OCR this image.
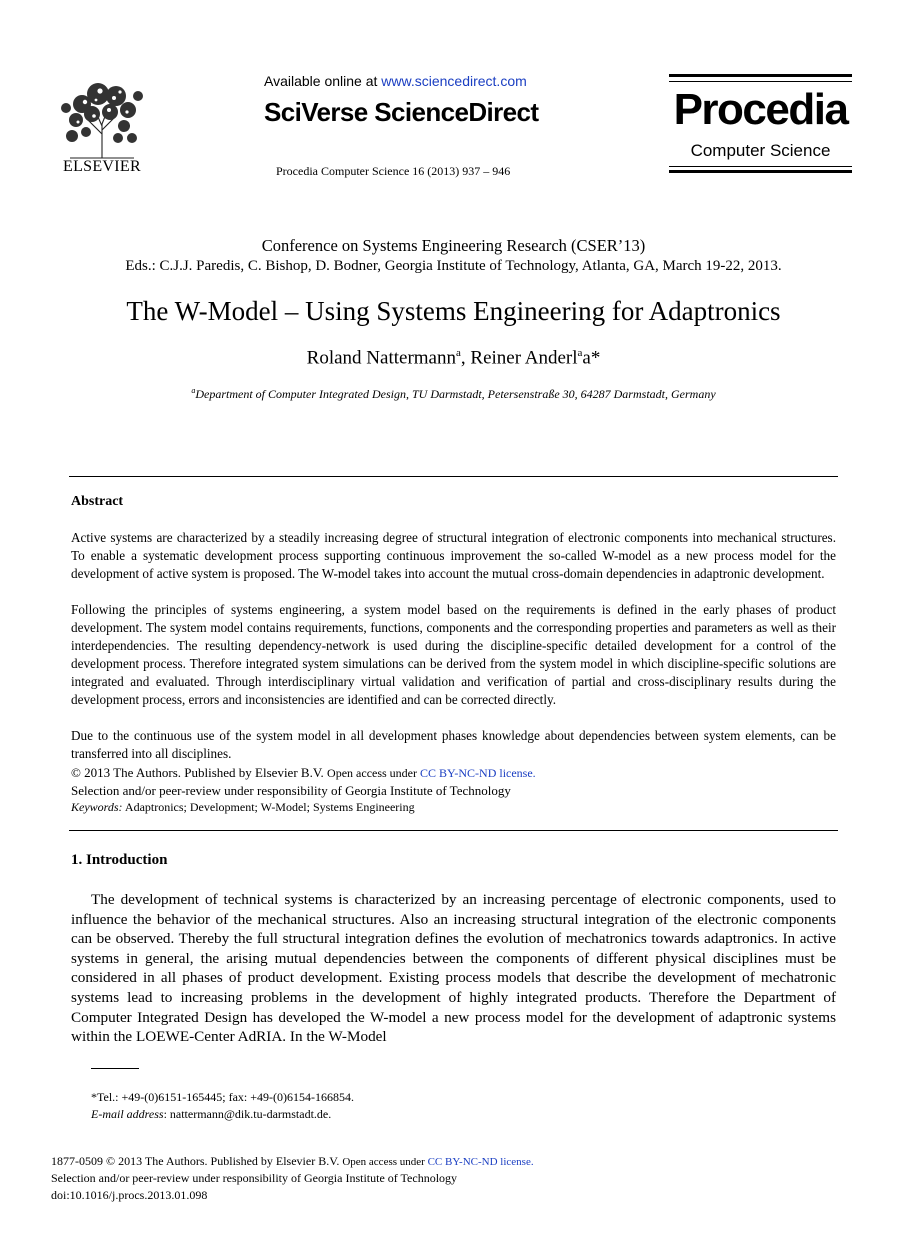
ELSEVIER
Available online at www.sciencedirect.com
SciVerse ScienceDirect
Procedia Computer Science 16 (2013) 937 – 946
Procedia
Computer Science
Conference on Systems Engineering Research (CSER’13)
Eds.: C.J.J. Paredis, C. Bishop, D. Bodner, Georgia Institute of Technology, Atlanta, GA, March 19-22, 2013.
The W-Model – Using Systems Engineering for Adaptronics
Roland Nattermann$^a$, Reiner Anderl$^a$a*
$^a$Department of Computer Integrated Design, TU Darmstadt, Petersenstraße 30, 64287 Darmstadt, Germany
Abstract
Active systems are characterized by a steadily increasing degree of structural integration of electronic components into mechanical structures. To enable a systematic development process supporting continuous improvement the so-called W-model as a new process model for the development of active system is proposed. The W-model takes into account the mutual cross-domain dependencies in adaptronic development.
Following the principles of systems engineering, a system model based on the requirements is defined in the early phases of product development. The system model contains requirements, functions, components and the corresponding properties and parameters as well as their interdependencies. The resulting dependency-network is used during the discipline-specific detailed development for a control of the development process. Therefore integrated system simulations can be derived from the system model in which discipline-specific solutions are integrated and evaluated. Through interdisciplinary virtual validation and verification of partial and cross-disciplinary results during the development process, errors and inconsistencies are identified and can be corrected directly.
Due to the continuous use of the system model in all development phases knowledge about dependencies between system elements, can be transferred into all disciplines.
© 2013 The Authors. Published by Elsevier B.V. Open access under CC BY-NC-ND license.
Selection and/or peer-review under responsibility of Georgia Institute of Technology
Keywords: Adaptronics; Development; W-Model; Systems Engineering
1. Introduction
The development of technical systems is characterized by an increasing percentage of electronic components, used to influence the behavior of the mechanical structures. Also an increasing structural integration of the electronic components can be observed. Thereby the full structural integration defines the evolution of mechatronics towards adaptronics. In active systems in general, the arising mutual dependencies between the components of different physical disciplines must be considered in all phases of product development. Existing process models that describe the development of mechatronic systems lead to increasing problems in the development of highly integrated products. Therefore the Department of Computer Integrated Design has developed the W-model a new process model for the development of adaptronic systems within the LOEWE-Center AdRIA. In the W-Model
*Tel.: +49-(0)6151-165445; fax: +49-(0)6154-166854.
E-mail address: nattermann@dik.tu-darmstadt.de.
1877-0509 © 2013 The Authors. Published by Elsevier B.V. Open access under CC BY-NC-ND license.
Selection and/or peer-review under responsibility of Georgia Institute of Technology
doi:10.1016/j.procs.2013.01.098
